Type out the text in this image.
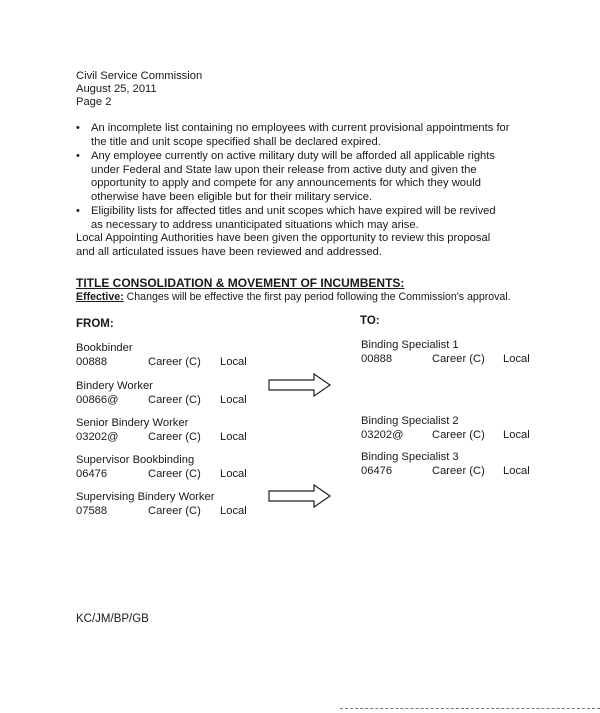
Civil Service Commission
August 25, 2011
Page 2
• An incomplete list containing no employees with current provisional appointments for
the title and unit scope specified shall be declared expired.
• Any employee currently on active military duty will be afforded all applicable rights
under Federal and State law upon their release from active duty and given the
opportunity to apply and compete for any announcements for which they would
otherwise have been eligible but for their military service.
• Eligibility lists for affected titles and unit scopes which have expired will be revived
as necessary to address unanticipated situations which may arise.
Local Appointing Authorities have been given the opportunity to review this proposal
and all articulated issues have been reviewed and addressed.
TITLE CONSOLIDATION & MOVEMENT OF INCUMBENTS:
Effective: Changes will be effective the first pay period following the Commission's approval.
FROM:	TO:
Bookbinder
00888	Career (C) Local
Bindery Worker
00866@	Career (C) Local
Senior Bindery Worker
03202@	Career (C) Local
Supervisor Bookbinding
06476	Career (C) Local
Supervising Bindery Worker
07588	Career (C) Local
Binding Specialist 1
00888	Career (C) Local
Binding Specialist 2
03202@	Career (C) Local
Binding Specialist 3
06476	Career (C) Local
KC/JM/BP/GB
